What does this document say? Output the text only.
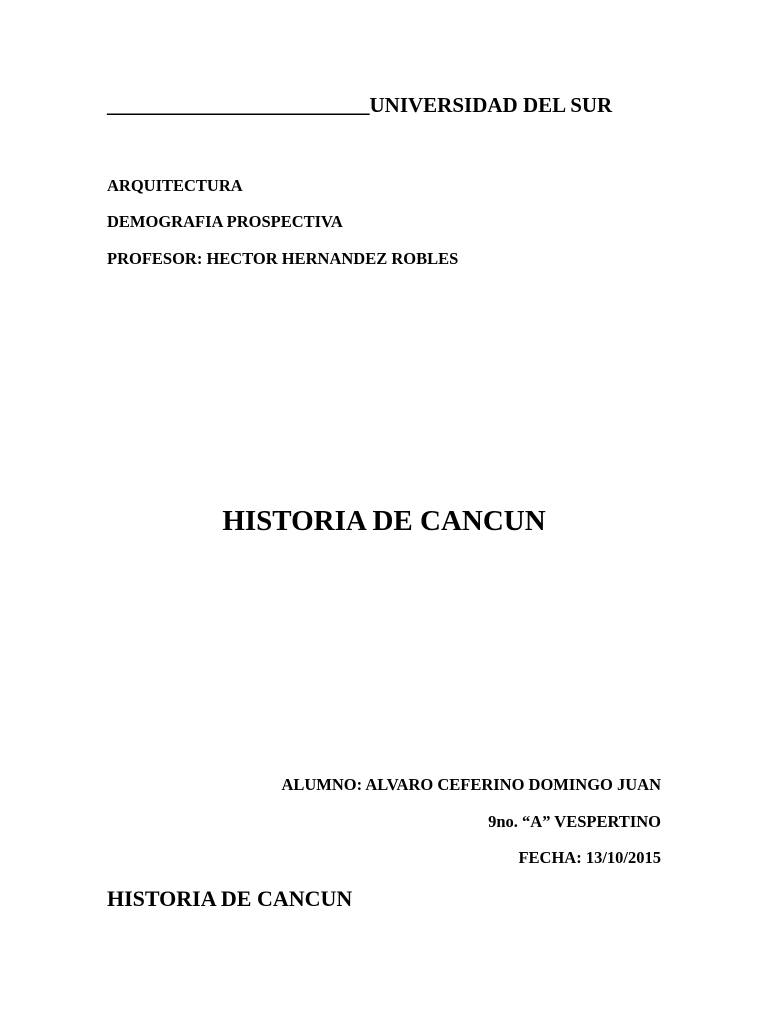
_________________________UNIVERSIDAD DEL SUR
ARQUITECTURA
DEMOGRAFIA PROSPECTIVA
PROFESOR: HECTOR HERNANDEZ ROBLES
HISTORIA DE CANCUN
ALUMNO: ALVARO CEFERINO DOMINGO JUAN
9no. “A” VESPERTINO
FECHA: 13/10/2015
HISTORIA DE CANCUN
